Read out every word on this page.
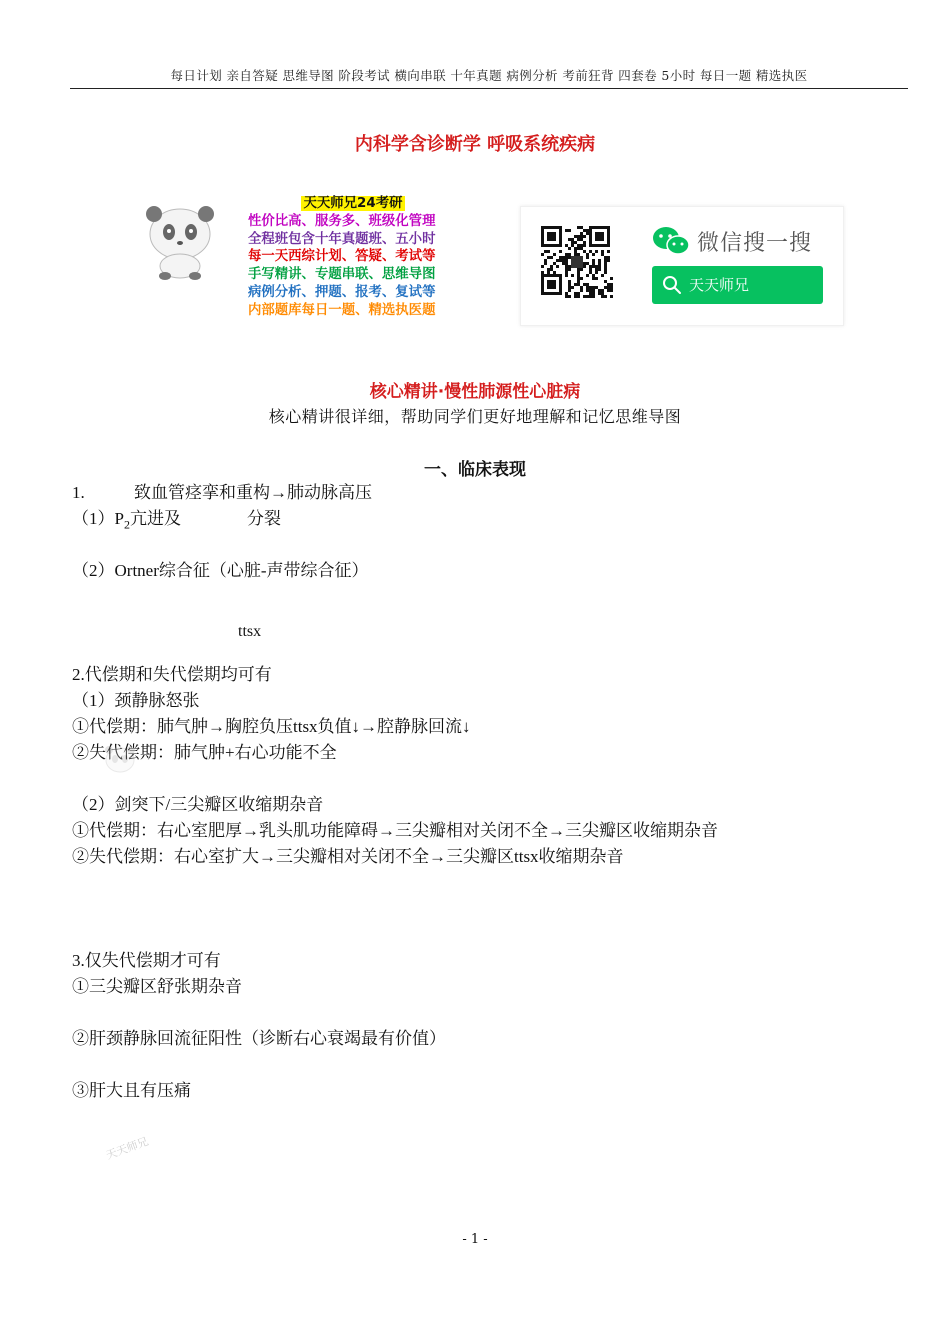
每日计划 亲自答疑 思维导图 阶段考试 横向串联 十年真题 病例分析 考前狂背 四套卷 5小时 每日一题 精选执医
内科学含诊断学 呼吸系统疾病
天天师兄24考研
性价比高、服务多、班级化管理
全程班包含十年真题班、五小时
每一天西综计划、答疑、考试等
手写精讲、专题串联、思维导图
病例分析、押题、报考、复试等
内部题库每日一题、精选执医题
微信搜一搜
天天师兄
核心精讲·慢性肺源性心脏病
核心精讲很详细，帮助同学们更好地理解和记忆思维导图
一、临床表现
1.	致血管痉挛和重构→肺动脉高压
$(1)P_2$亢进及	分裂
（2）Ortner综合征（心脏-声带综合征）
ttsx
2.代偿期和失代偿期均可有
（1）颈静脉怒张
①代偿期：肺气肿→胸腔负压ttsx负值↓→腔静脉回流↓
②失代偿期：肺气肿+右心功能不全
（2）剑突下/三尖瓣区收缩期杂音
①代偿期：右心室肥厚→乳头肌功能障碍→三尖瓣相对关闭不全→三尖瓣区收缩期杂音
②失代偿期：右心室扩大→三尖瓣相对关闭不全→三尖瓣区ttsx收缩期杂音
3.仅失代偿期才可有
①三尖瓣区舒张期杂音
②肝颈静脉回流征阳性（诊断右心衰竭最有价值）
③肝大且有压痛
天天师兄
- 1 -
